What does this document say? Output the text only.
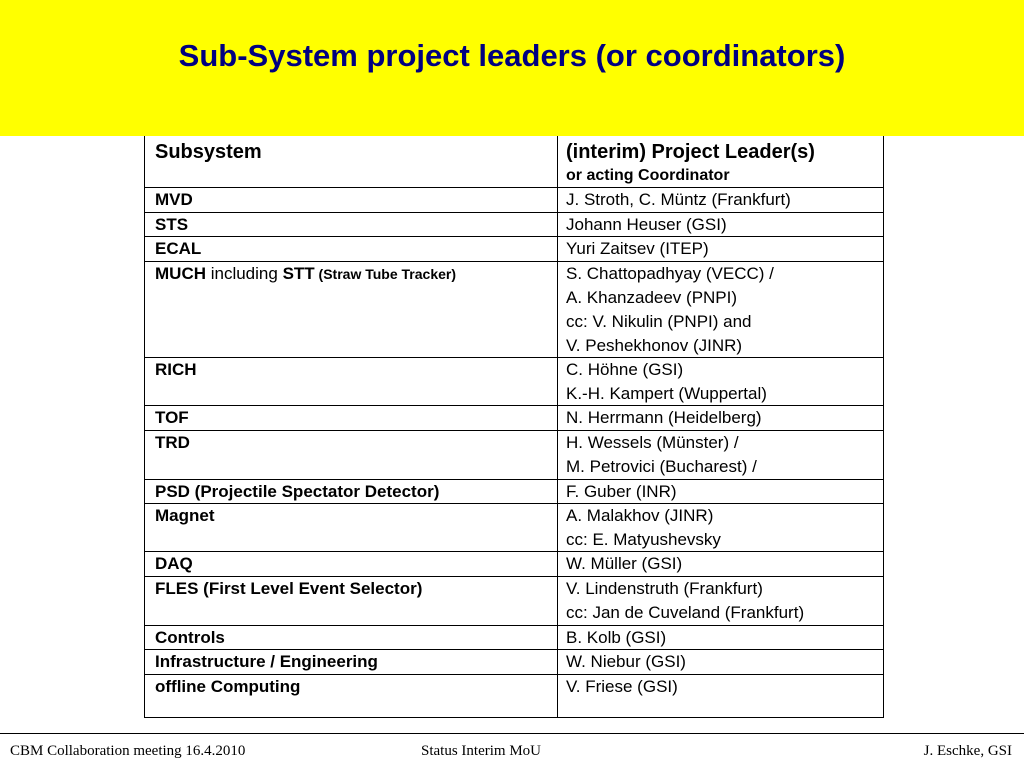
Sub-System project leaders (or coordinators)
Subsystem	(interim) Project Leader(s)
or acting Coordinator
MVD	J. Stroth, C. Müntz (Frankfurt)
STS	Johann Heuser (GSI)
ECAL	Yuri Zaitsev (ITEP)
MUCH including STT (Straw Tube Tracker)	S. Chattopadhyay (VECC) /
A. Khanzadeev (PNPI)
cc: V. Nikulin (PNPI) and
V. Peshekhonov (JINR)
RICH	C. Höhne (GSI)
K.-H. Kampert (Wuppertal)
TOF	N. Herrmann (Heidelberg)
TRD	H. Wessels (Münster) /
M. Petrovici (Bucharest) /
PSD (Projectile Spectator Detector)	F. Guber (INR)
Magnet	A. Malakhov (JINR)
cc: E. Matyushevsky
DAQ	W. Müller (GSI)
FLES (First Level Event Selector)	V. Lindenstruth (Frankfurt)
cc: Jan de Cuveland (Frankfurt)
Controls	B. Kolb (GSI)
Infrastructure / Engineering	W. Niebur (GSI)
offline Computing	V. Friese (GSI)
CBM Collaboration meeting 16.4.2010	Status Interim MoU	J. Eschke, GSI
